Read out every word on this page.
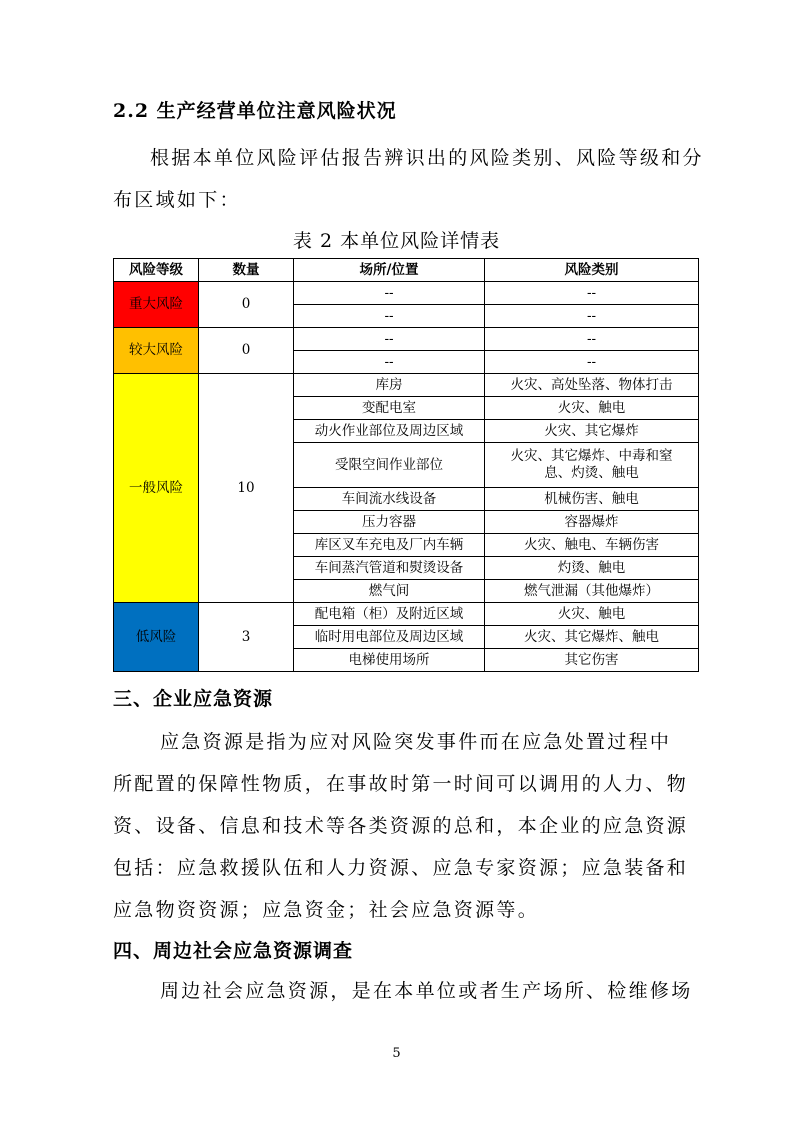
2.2 生产经营单位注意风险状况
根据本单位风险评估报告辨识出的风险类别、风险等级和分
布区域如下：
表 2 本单位风险详情表
风险等级	数量	场所/位置	风险类别
重大风险	0	--	--
		--	--
较大风险	0	--	--
		--	--
一般风险	10	库房	火灾、高处坠落、物体打击
		变配电室	火灾、触电
		动火作业部位及周边区域	火灾、其它爆炸
		受限空间作业部位	火灾、其它爆炸、中毒和窒
息、灼烫、触电

		车间流水线设备	机械伤害、触电
		压力容器	容器爆炸
		库区叉车充电及厂内车辆	火灾、触电、车辆伤害
		车间蒸汽管道和熨烫设备	灼烫、触电
		燃气间	燃气泄漏（其他爆炸）
低风险	3	配电箱（柜）及附近区域	火灾、触电
		临时用电部位及周边区域	火灾、其它爆炸、触电
		电梯使用场所	其它伤害
三、企业应急资源
应急资源是指为应对风险突发事件而在应急处置过程中
所配置的保障性物质，在事故时第一时间可以调用的人力、物
资、设备、信息和技术等各类资源的总和，本企业的应急资源
包括：应急救援队伍和人力资源、应急专家资源；应急装备和
应急物资资源；应急资金；社会应急资源等。
四、周边社会应急资源调查
周边社会应急资源，是在本单位或者生产场所、检维修场
5
